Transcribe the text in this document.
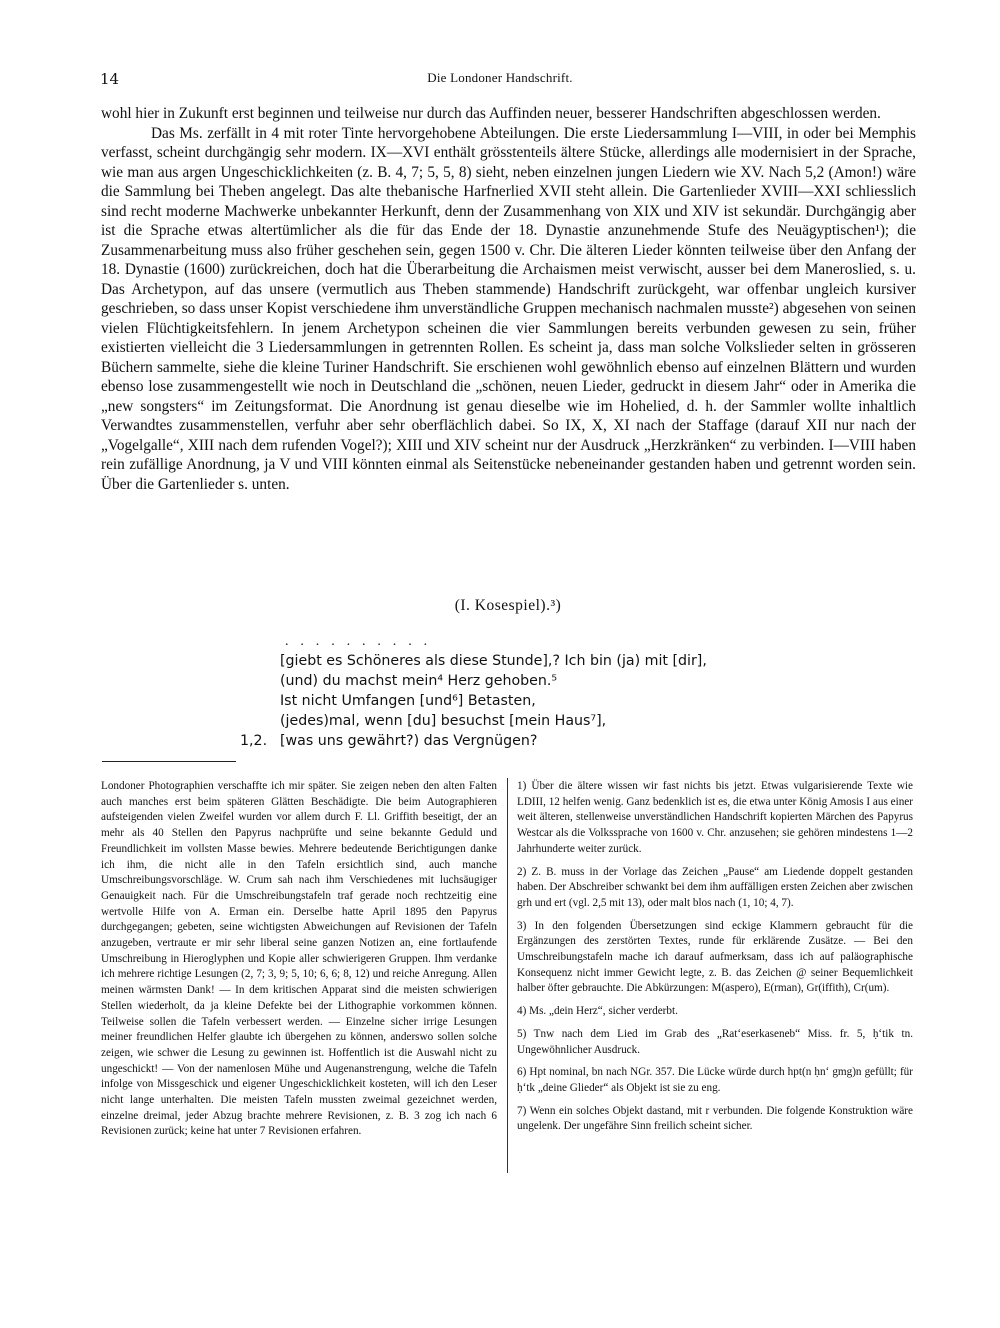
14	Die Londoner Handschrift.

wohl hier in Zukunft erst beginnen und teilweise nur durch das Auffinden neuer, besserer Handschriften abgeschlossen werden.

Das Ms. zerfällt in 4 mit roter Tinte hervorgehobene Abteilungen. Die erste Liedersammlung I—VIII, in oder bei Memphis verfasst, scheint durchgängig sehr modern. IX—XVI enthält grösstenteils ältere Stücke, allerdings alle modernisiert in der Sprache, wie man aus argen Ungeschicklichkeiten (z. B. 4, 7; 5, 5, 8) sieht, neben einzelnen jungen Liedern wie XV. Nach 5,2 (Amon!) wäre die Sammlung bei Theben angelegt. Das alte thebanische Harfnerlied XVII steht allein. Die Gartenlieder XVIII—XXI schliesslich sind recht moderne Machwerke unbekannter Herkunft, denn der Zusammenhang von XIX und XIV ist sekundär. Durchgängig aber ist die Sprache etwas altertümlicher als die für das Ende der 18. Dynastie anzunehmende Stufe des Neuägyptischen¹); die Zusammenarbeitung muss also früher geschehen sein, gegen 1500 v. Chr. Die älteren Lieder könnten teilweise über den Anfang der 18. Dynastie (1600) zurückreichen, doch hat die Überarbeitung die Archaismen meist verwischt, ausser bei dem Maneroslied, s. u. Das Archetypon, auf das unsere (vermutlich aus Theben stammende) Handschrift zurückgeht, war offenbar ungleich kursiver geschrieben, so dass unser Kopist verschiedene ihm unverständliche Gruppen mechanisch nachmalen musste²) abgesehen von seinen vielen Flüchtigkeitsfehlern. In jenem Archetypon scheinen die vier Sammlungen bereits verbunden gewesen zu sein, früher existierten vielleicht die 3 Liedersammlungen in getrennten Rollen. Es scheint ja, dass man solche Volkslieder selten in grösseren Büchern sammelte, siehe die kleine Turiner Handschrift. Sie erschienen wohl gewöhnlich ebenso auf einzelnen Blättern und wurden ebenso lose zusammengestellt wie noch in Deutschland die „schönen, neuen Lieder, gedruckt in diesem Jahr“ oder in Amerika die „new songsters“ im Zeitungsformat. Die Anordnung ist genau dieselbe wie im Hohelied, d. h. der Sammler wollte inhaltlich Verwandtes zusammenstellen, verfuhr aber sehr oberflächlich dabei. So IX, X, XI nach der Staffage (darauf XII nur nach der „Vogelgalle“, XIII nach dem rufenden Vogel?); XIII und XIV scheint nur der Ausdruck „Herzkränken“ zu verbinden. I—VIII haben rein zufällige Anordnung, ja V und VIII könnten einmal als Seitenstücke nebeneinander gestanden haben und getrennt worden sein. Über die Gartenlieder s. unten.

(I. Kosespiel).³)
. . . . . . . . . .
[giebt es Schöneres als diese Stunde],? Ich bin (ja) mit [dir],
(und) du machst mein⁴ Herz gehoben.⁵
Ist nicht Umfangen [und⁶] Betasten,
(jedes)mal, wenn [du] besuchst [mein Haus⁷],
1,2. [was uns gewährt?) das Vergnügen?

Londoner Photographien verschaffte ich mir später. Sie zeigen neben den alten Falten auch manches erst beim späteren Glätten Beschädigte. Die beim Autographieren aufsteigenden vielen Zweifel wurden vor allem durch F. Ll. Griffith beseitigt, der an mehr als 40 Stellen den Papyrus nachprüfte und seine bekannte Geduld und Freundlichkeit im vollsten Masse bewies. Mehrere bedeutende Berichtigungen danke ich ihm, die nicht alle in den Tafeln ersichtlich sind, auch manche Umschreibungsvorschläge. W. Crum sah nach ihm Verschiedenes mit luchsäugiger Genauigkeit nach. Für die Umschreibungstafeln traf gerade noch rechtzeitig eine wertvolle Hilfe von A. Erman ein. Derselbe hatte April 1895 den Papyrus durchgegangen; gebeten, seine wichtigsten Abweichungen auf Revisionen der Tafeln anzugeben, vertraute er mir sehr liberal seine ganzen Notizen an, eine fortlaufende Umschreibung in Hieroglyphen und Kopie aller schwierigeren Gruppen. Ihm verdanke ich mehrere richtige Lesungen (2, 7; 3, 9; 5, 10; 6, 6; 8, 12) und reiche Anregung. Allen meinen wärmsten Dank! — In dem kritischen Apparat sind die meisten schwierigen Stellen wiederholt, da ja kleine Defekte bei der Lithographie vorkommen können. Teilweise sollen die Tafeln verbessert werden. — Einzelne sicher irrige Lesungen meiner freundlichen Helfer glaubte ich übergehen zu können, anderswo sollen solche zeigen, wie schwer die Lesung zu gewinnen ist. Hoffentlich ist die Auswahl nicht zu ungeschickt! — Von der namenlosen Mühe und Augenanstrengung, welche die Tafeln infolge von Missgeschick und eigener Ungeschicklichkeit kosteten, will ich den Leser nicht lange unterhalten. Die meisten Tafeln mussten zweimal gezeichnet werden, einzelne dreimal, jeder Abzug brachte mehrere Revisionen, z. B. 3 zog ich nach 6 Revisionen zurück; keine hat unter 7 Revisionen erfahren.

1) Über die ältere wissen wir fast nichts bis jetzt. Etwas vulgarisierende Texte wie LDIII, 12 helfen wenig. Ganz bedenklich ist es, die etwa unter König Amosis I aus einer weit älteren, stellenweise unverständlichen Handschrift kopierten Märchen des Papyrus Westcar als die Volkssprache von 1600 v. Chr. anzusehen; sie gehören mindestens 1—2 Jahrhunderte weiter zurück.

2) Z. B. muss in der Vorlage das Zeichen „Pause“ am Liedende doppelt gestanden haben. Der Abschreiber schwankt bei dem ihm auffälligen ersten Zeichen aber zwischen grh und ert (vgl. 2,5 mit 13), oder malt blos nach (1, 10; 4, 7).

3) In den folgenden Übersetzungen sind eckige Klammern gebraucht für die Ergänzungen des zerstörten Textes, runde für erklärende Zusätze. — Bei den Umschreibungstafeln mache ich darauf aufmerksam, dass ich auf paläographische Konsequenz nicht immer Gewicht legte, z. B. das Zeichen @ seiner Bequemlichkeit halber öfter gebrauchte. Die Abkürzungen: M(aspero), E(rman), Gr(iffith), Cr(um).

4) Ms. „dein Herz“, sicher verderbt.

5) Tnw nach dem Lied im Grab des „Rat‘eserkaseneb“ Miss. fr. 5, ḥ‘tik tn. Ungewöhnlicher Ausdruck.

6) Hpt nominal, bn nach NGr. 357. Die Lücke würde durch hpt(n ḥn‘ gmg)n gefüllt; für ḥ‘tk „deine Glieder“ als Objekt ist sie zu eng.

7) Wenn ein solches Objekt dastand, mit r verbunden. Die folgende Konstruktion wäre ungelenk. Der ungefähre Sinn freilich scheint sicher.
